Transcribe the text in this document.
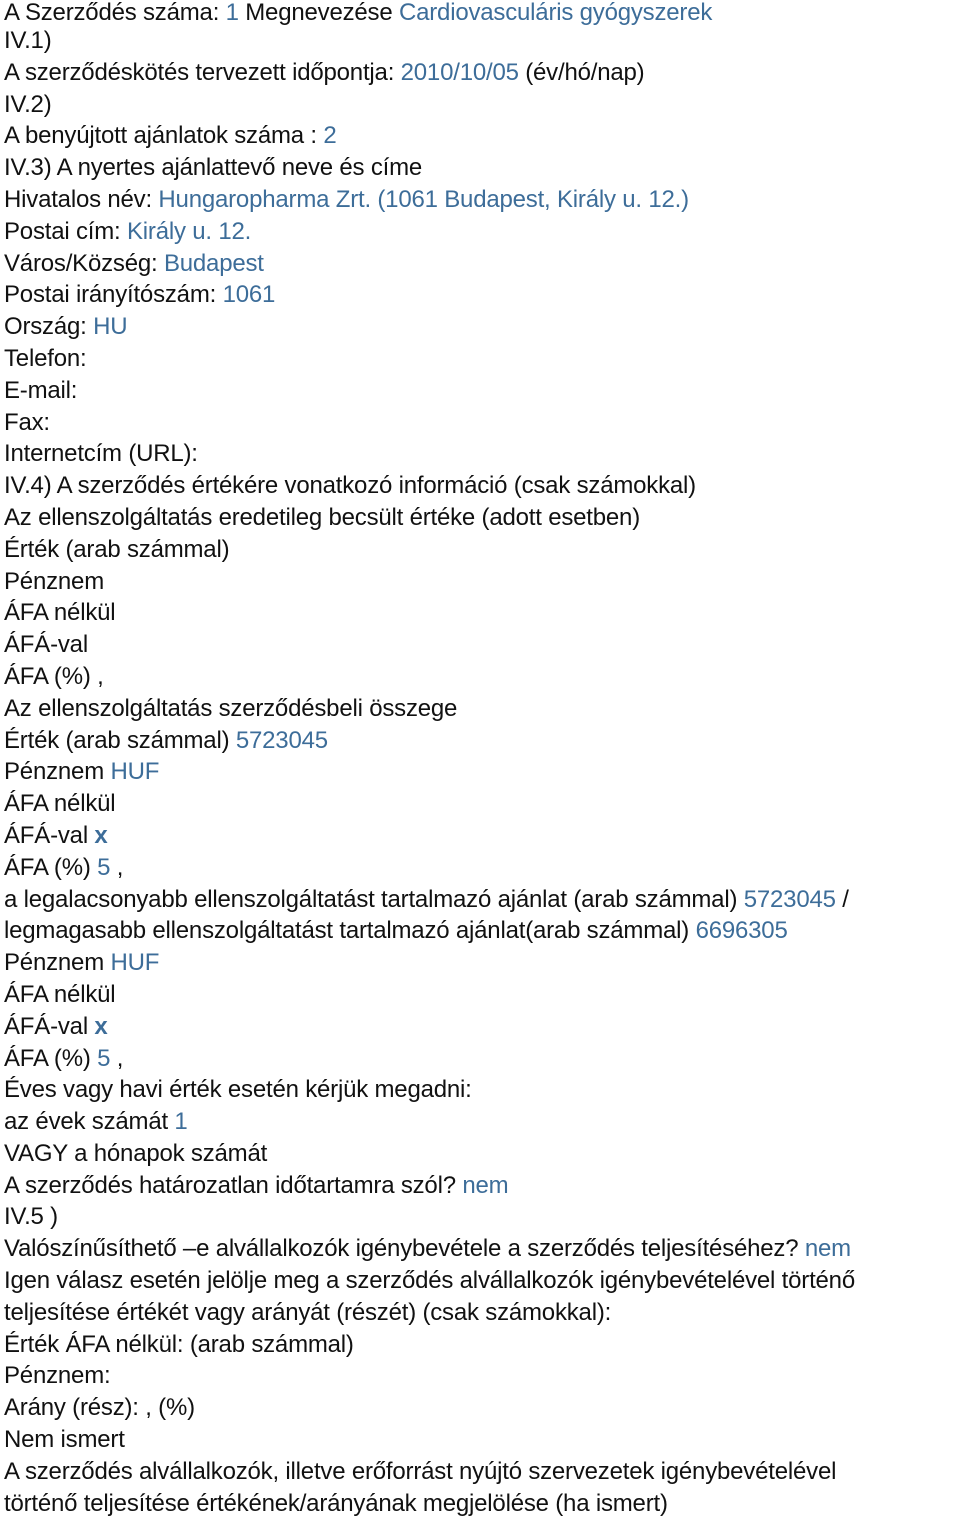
A Szerződés száma: 1 Megnevezése Cardiovasculáris gyógyszerek
IV.1)
A szerződéskötés tervezett időpontja: 2010/10/05 (év/hó/nap)
IV.2)
A benyújtott ajánlatok száma : 2
IV.3) A nyertes ajánlattevő neve és címe
Hivatalos név: Hungaropharma Zrt. (1061 Budapest, Király u. 12.)
Postai cím: Király u. 12.
Város/Község: Budapest
Postai irányítószám: 1061
Ország: HU
Telefon:
E-mail:
Fax:
Internetcím (URL):
IV.4) A szerződés értékére vonatkozó információ (csak számokkal)
Az ellenszolgáltatás eredetileg becsült értéke (adott esetben)
Érték (arab számmal)
Pénznem
ÁFA nélkül
ÁFÁ-val
ÁFA (%) ,
Az ellenszolgáltatás szerződésbeli összege
Érték (arab számmal) 5723045
Pénznem HUF
ÁFA nélkül
ÁFÁ-val x
ÁFA (%) 5 ,
a legalacsonyabb ellenszolgáltatást tartalmazó ajánlat (arab számmal) 5723045 /
legmagasabb ellenszolgáltatást tartalmazó ajánlat(arab számmal) 6696305
Pénznem HUF
ÁFA nélkül
ÁFÁ-val x
ÁFA (%) 5 ,
Éves vagy havi érték esetén kérjük megadni:
az évek számát 1
VAGY a hónapok számát
A szerződés határozatlan időtartamra szól? nem
IV.5 )
Valószínűsíthető –e alvállalkozók igénybevétele a szerződés teljesítéséhez? nem
Igen válasz esetén jelölje meg a szerződés alvállalkozók igénybevételével történő
teljesítése értékét vagy arányát (részét) (csak számokkal):
Érték ÁFA nélkül: (arab számmal)
Pénznem:
Arány (rész): , (%)
Nem ismert
A szerződés alvállalkozók, illetve erőforrást nyújtó szervezetek igénybevételével
történő teljesítése értékének/arányának megjelölése (ha ismert)
